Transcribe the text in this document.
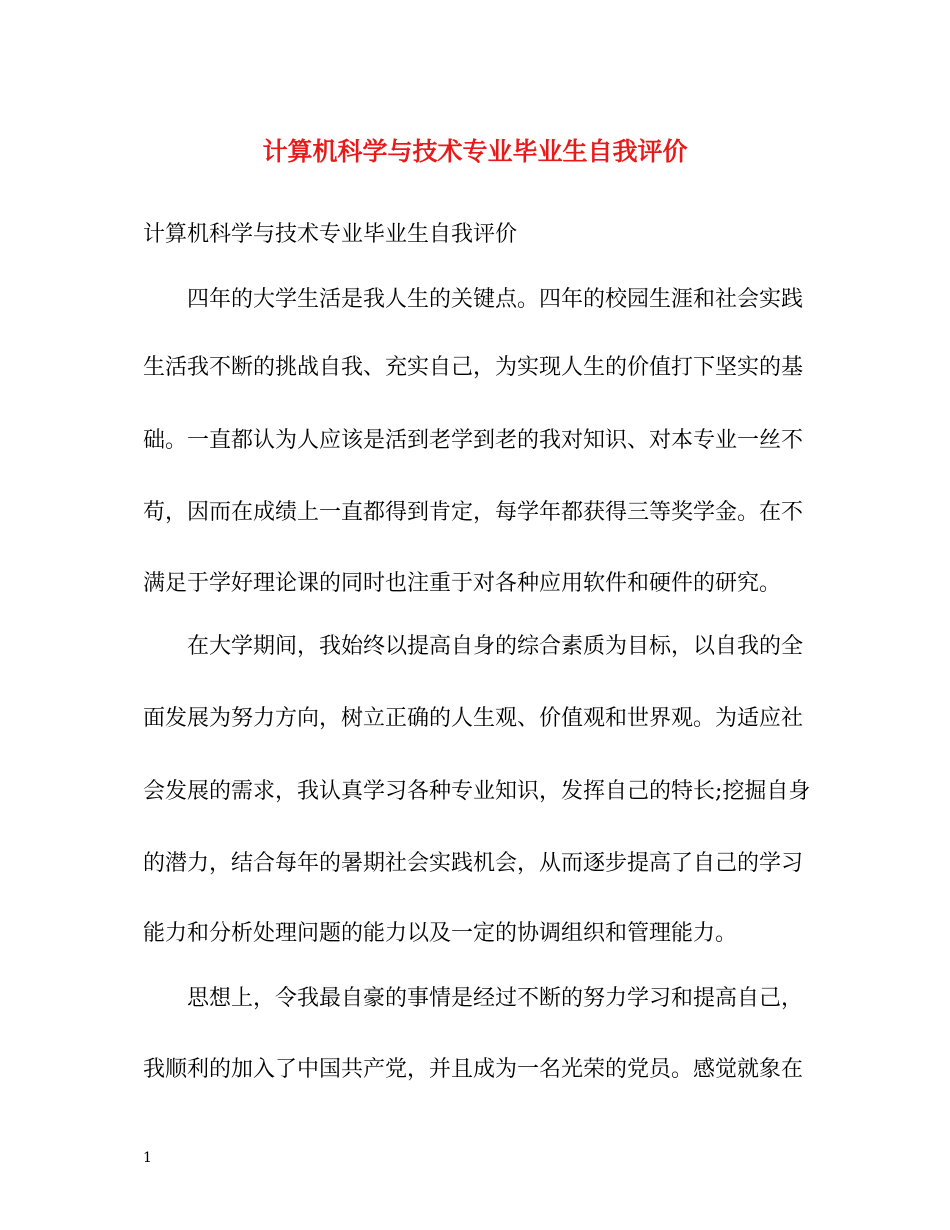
计算机科学与技术专业毕业生自我评价
计算机科学与技术专业毕业生自我评价
四年的大学生活是我人生的关键点。四年的校园生涯和社会实践
生活我不断的挑战自我、充实自己，为实现人生的价值打下坚实的基
础。一直都认为人应该是活到老学到老的我对知识、对本专业一丝不
苟，因而在成绩上一直都得到肯定，每学年都获得三等奖学金。在不
满足于学好理论课的同时也注重于对各种应用软件和硬件的研究。
在大学期间，我始终以提高自身的综合素质为目标，以自我的全
面发展为努力方向，树立正确的人生观、价值观和世界观。为适应社
会发展的需求，我认真学习各种专业知识，发挥自己的特长;挖掘自身
的潜力，结合每年的暑期社会实践机会，从而逐步提高了自己的学习
能力和分析处理问题的能力以及一定的协调组织和管理能力。
思想上，令我最自豪的事情是经过不断的努力学习和提高自己，
我顺利的加入了中国共产党，并且成为一名光荣的党员。感觉就象在
1
